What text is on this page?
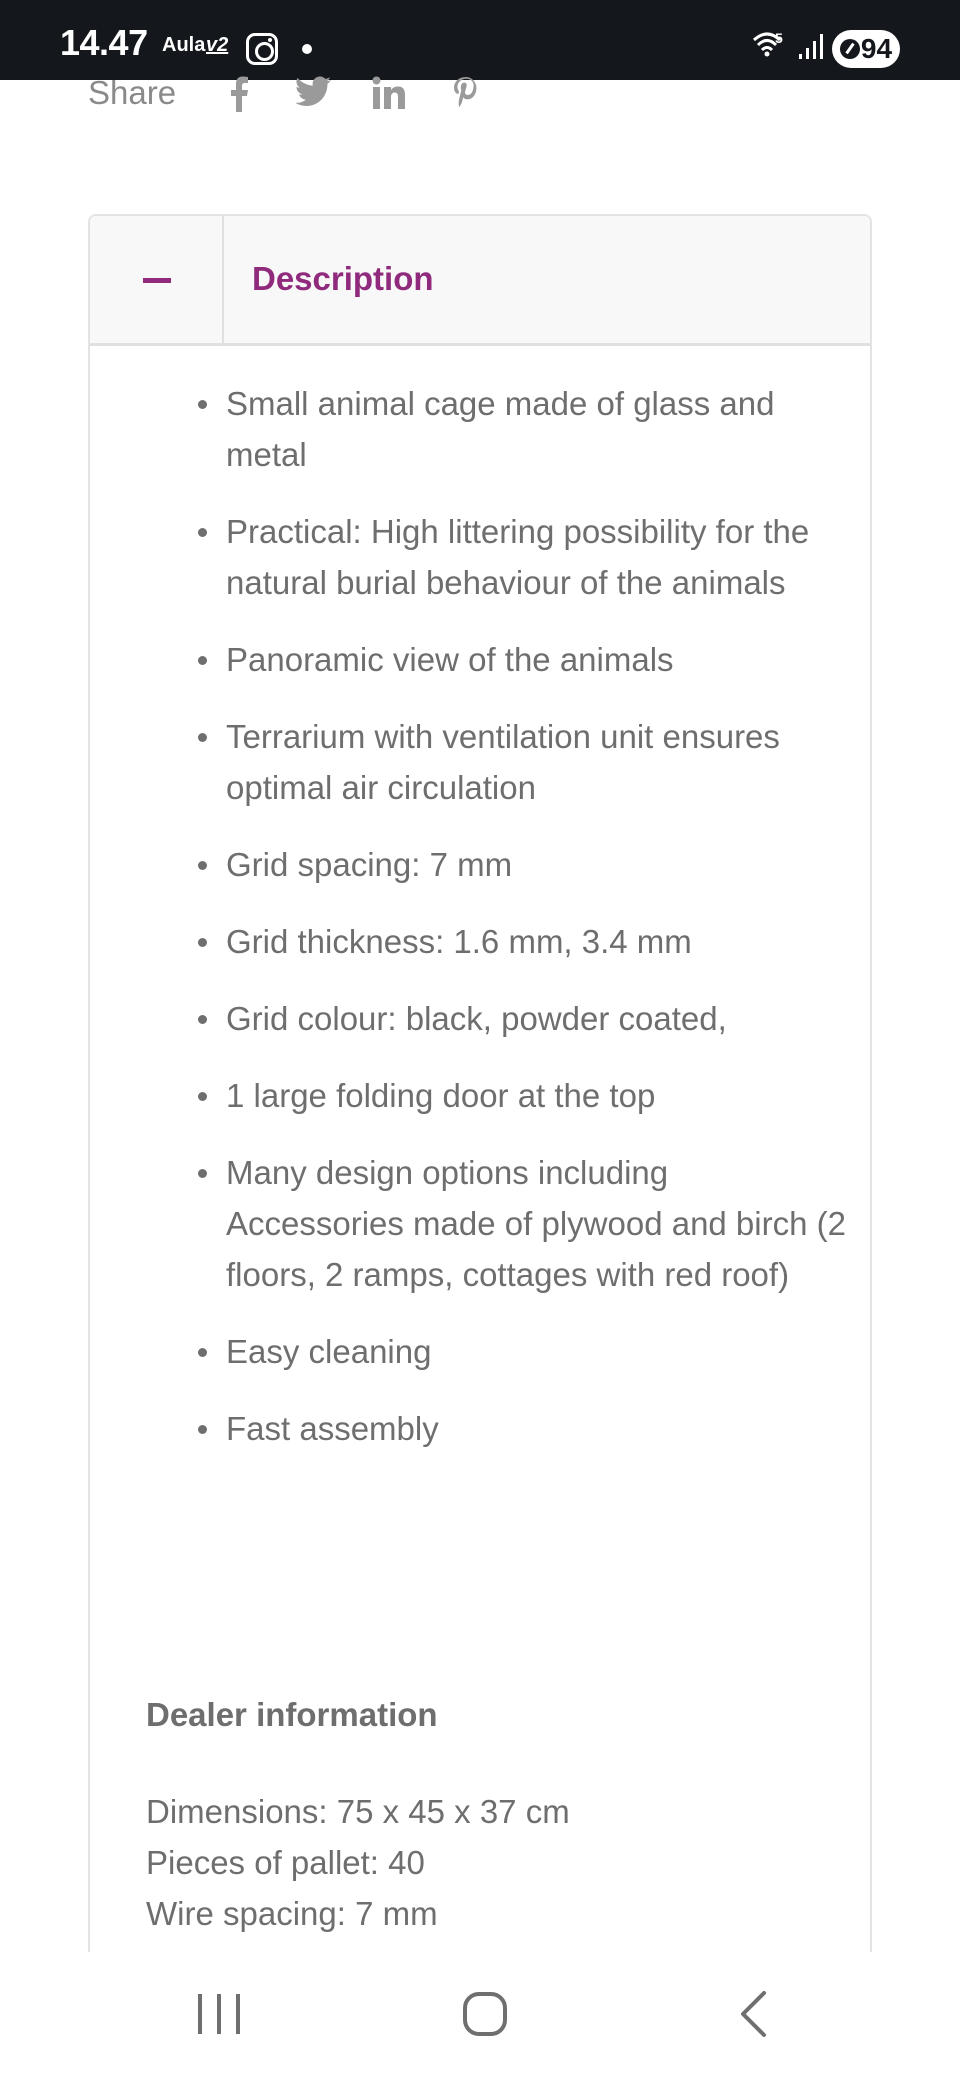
14.47 Aula v2	5	94
Share
Description
Small animal cage made of glass and metal
Practical: High littering possibility for the natural burial behaviour of the animals
Panoramic view of the animals
Terrarium with ventilation unit ensures optimal air circulation
Grid spacing: 7 mm
Grid thickness: 1.6 mm, 3.4 mm
Grid colour: black, powder coated,
1 large folding door at the top
Many design options including Accessories made of plywood and birch (2 floors, 2 ramps, cottages with red roof)
Easy cleaning
Fast assembly
Dealer information
Dimensions: 75 x 45 x 37 cm
Pieces of pallet: 40
Wire spacing: 7 mm
